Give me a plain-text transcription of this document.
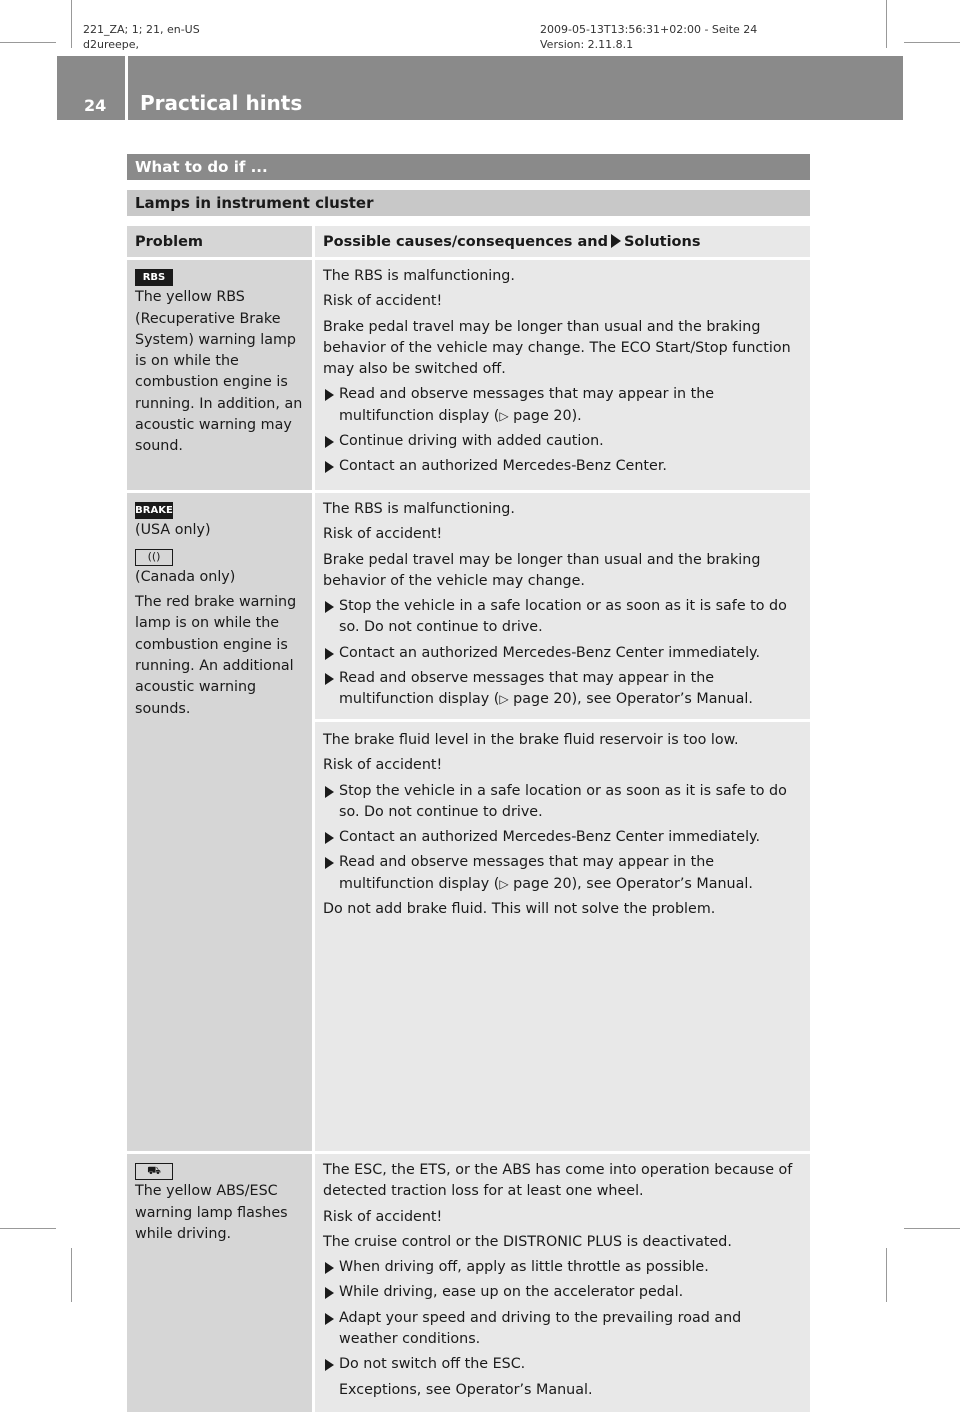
221_ZA; 1; 21, en-US
d2ureepe,
2009-05-13T13:56:31+02:00 - Seite 24
Version: 2.11.8.1
24 Practical hints
What to do if ...
Lamps in instrument cluster
Problem	Possible causes/consequences and Solutions
RBS

The yellow RBS (Recuperative Brake System) warning lamp is on while the combustion engine is running. In addition, an acoustic warning may sound.

The RBS is malfunctioning.

Risk of accident!

Brake pedal travel may be longer than usual and the braking behavior of the vehicle may change. The ECO Start/Stop function may also be switched off.

Read and observe messages that may appear in the multifunction display (▷ page 20).
Continue driving with added caution.
Contact an authorized Mercedes-Benz Center.
BRAKE

(USA only)

(()

(Canada only)

The red brake warning lamp is on while the combustion engine is running. An additional acoustic warning sounds.

The RBS is malfunctioning.

Risk of accident!

Brake pedal travel may be longer than usual and the braking behavior of the vehicle may change.

Stop the vehicle in a safe location or as soon as it is safe to do so. Do not continue to drive.
Contact an authorized Mercedes-Benz Center immediately.
Read and observe messages that may appear in the multifunction display (▷ page 20), see Operator’s Manual.

The brake fluid level in the brake fluid reservoir is too low.

Risk of accident!

Stop the vehicle in a safe location or as soon as it is safe to do so. Do not continue to drive.
Contact an authorized Mercedes-Benz Center immediately.
Read and observe messages that may appear in the multifunction display (▷ page 20), see Operator’s Manual.

Do not add brake fluid. This will not solve the problem.

⛟

The yellow ABS/ESC warning lamp flashes while driving.

The ESC, the ETS, or the ABS has come into operation because of detected traction loss for at least one wheel.

Risk of accident!

The cruise control or the DISTRONIC PLUS is deactivated.

When driving off, apply as little throttle as possible.
While driving, ease up on the accelerator pedal.
Adapt your speed and driving to the prevailing road and weather conditions.
Do not switch off the ESC.

Exceptions, see Operator’s Manual.
